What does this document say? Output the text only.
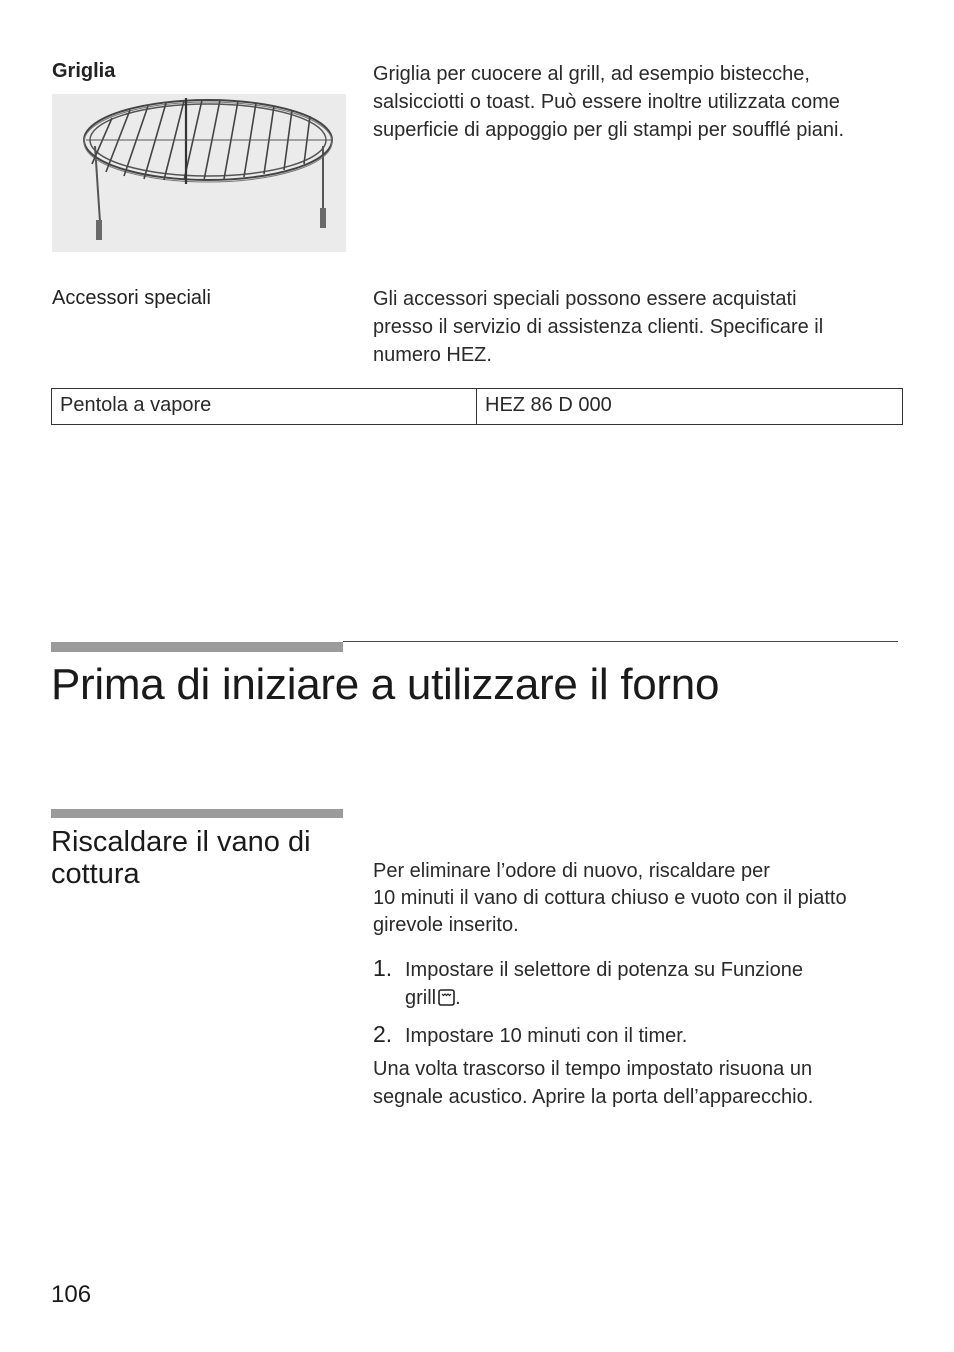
Griglia	Griglia per cuocere al grill, ad esempio bistecche,
salsicciotti o toast. Può essere inoltre utilizzata come
superficie di appoggio per gli stampi per soufflé piani.
Accessori speciali	Gli accessori speciali possono essere acquistati
presso il servizio di assistenza clienti. Specificare il
numero HEZ.
Pentola a vapore	HEZ 86 D 000
Prima di iniziare a utilizzare il forno
Riscaldare il vano di
cottura	Per eliminare l’odore di nuovo, riscaldare per
10 minuti il vano di cottura chiuso e vuoto con il piatto
girevole inserito.
1. Impostare il selettore di potenza su Funzione
grill .
2. Impostare 10 minuti con il timer.
Una volta trascorso il tempo impostato risuona un
segnale acustico. Aprire la porta dell’apparecchio.
106
